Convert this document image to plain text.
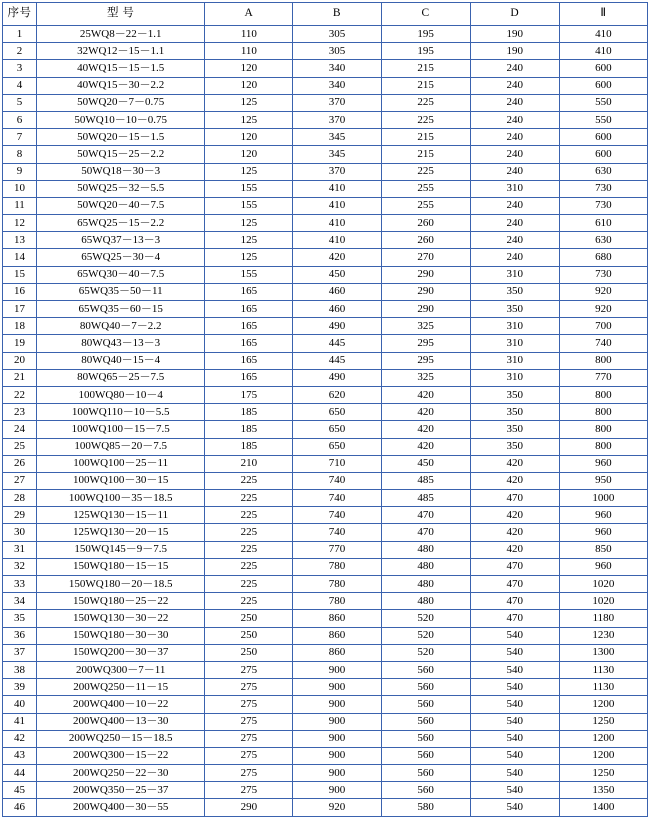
序号	型 号	A	B	C	D	Ⅱ
1	25WQ8－22－1.1	110	305	195	190	410
2	32WQ12－15－1.1	110	305	195	190	410
3	40WQ15－15－1.5	120	340	215	240	600
4	40WQ15－30－2.2	120	340	215	240	600
5	50WQ20－7－0.75	125	370	225	240	550
6	50WQ10－10－0.75	125	370	225	240	550
7	50WQ20－15－1.5	120	345	215	240	600
8	50WQ15－25－2.2	120	345	215	240	600
9	50WQ18－30－3	125	370	225	240	630
10	50WQ25－32－5.5	155	410	255	310	730
11	50WQ20－40－7.5	155	410	255	240	730
12	65WQ25－15－2.2	125	410	260	240	610
13	65WQ37－13－3	125	410	260	240	630
14	65WQ25－30－4	125	420	270	240	680
15	65WQ30－40－7.5	155	450	290	310	730
16	65WQ35－50－11	165	460	290	350	920
17	65WQ35－60－15	165	460	290	350	920
18	80WQ40－7－2.2	165	490	325	310	700
19	80WQ43－13－3	165	445	295	310	740
20	80WQ40－15－4	165	445	295	310	800
21	80WQ65－25－7.5	165	490	325	310	770
22	100WQ80－10－4	175	620	420	350	800
23	100WQ110－10－5.5	185	650	420	350	800
24	100WQ100－15－7.5	185	650	420	350	800
25	100WQ85－20－7.5	185	650	420	350	800
26	100WQ100－25－11	210	710	450	420	960
27	100WQ100－30－15	225	740	485	420	950
28	100WQ100－35－18.5	225	740	485	470	1000
29	125WQ130－15－11	225	740	470	420	960
30	125WQ130－20－15	225	740	470	420	960
31	150WQ145－9－7.5	225	770	480	420	850
32	150WQ180－15－15	225	780	480	470	960
33	150WQ180－20－18.5	225	780	480	470	1020
34	150WQ180－25－22	225	780	480	470	1020
35	150WQ130－30－22	250	860	520	470	1180
36	150WQ180－30－30	250	860	520	540	1230
37	150WQ200－30－37	250	860	520	540	1300
38	200WQ300－7－11	275	900	560	540	1130
39	200WQ250－11－15	275	900	560	540	1130
40	200WQ400－10－22	275	900	560	540	1200
41	200WQ400－13－30	275	900	560	540	1250
42	200WQ250－15－18.5	275	900	560	540	1200
43	200WQ300－15－22	275	900	560	540	1200
44	200WQ250－22－30	275	900	560	540	1250
45	200WQ350－25－37	275	900	560	540	1350
46	200WQ400－30－55	290	920	580	540	1400
